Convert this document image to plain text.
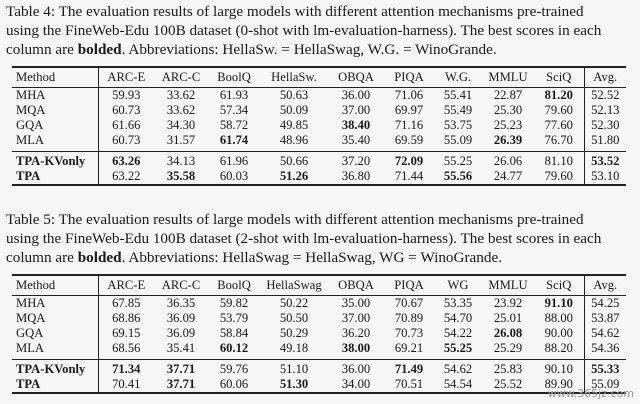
Table 4: The evaluation results of large models with different attention mechanisms pre-trained
using the FineWeb-Edu 100B dataset (0-shot with lm-evaluation-harness). The best scores in each
column are bolded. Abbreviations: HellaSw. = HellaSwag, W.G. = WinoGrande.
Method	ARC-E	ARC-C	BoolQ	HellaSw.	OBQA	PIQA	W.G.	MMLU	SciQ	Avg.
MHA	59.93	33.62	61.93	50.63	36.00	71.06	55.41	22.87	81.20	52.52
MQA	60.73	33.62	57.34	50.09	37.00	69.97	55.49	25.30	79.60	52.13
GQA	61.66	34.30	58.72	49.85	38.40	71.16	53.75	25.23	77.60	52.30
MLA	60.73	31.57	61.74	48.96	35.40	69.59	55.09	26.39	76.70	51.80
TPA-KVonly	63.26	34.13	61.96	50.66	37.20	72.09	55.25	26.06	81.10	53.52
TPA	63.22	35.58	60.03	51.26	36.80	71.44	55.56	24.77	79.60	53.10
Table 5: The evaluation results of large models with different attention mechanisms pre-trained
using the FineWeb-Edu 100B dataset (2-shot with lm-evaluation-harness). The best scores in each
column are bolded. Abbreviations: HellaSwag = HellaSwag, WG = WinoGrande.
Method	ARC-E	ARC-C	BoolQ	HellaSwag	OBQA	PIQA	WG	MMLU	SciQ	Avg.
MHA	67.85	36.35	59.82	50.22	35.00	70.67	53.35	23.92	91.10	54.25
MQA	68.86	36.09	53.79	50.50	37.00	70.89	54.70	25.01	88.00	53.87
GQA	69.15	36.09	58.84	50.29	36.20	70.73	54.22	26.08	90.00	54.62
MLA	68.56	35.41	60.12	49.18	38.00	69.21	55.25	25.29	88.20	54.36
TPA-KVonly	71.34	37.71	59.76	51.10	36.00	71.49	54.62	25.83	90.10	55.33
TPA	70.41	37.71	60.06	51.30	34.00	70.51	54.54	25.52	89.90	55.09
www.365jz.com
